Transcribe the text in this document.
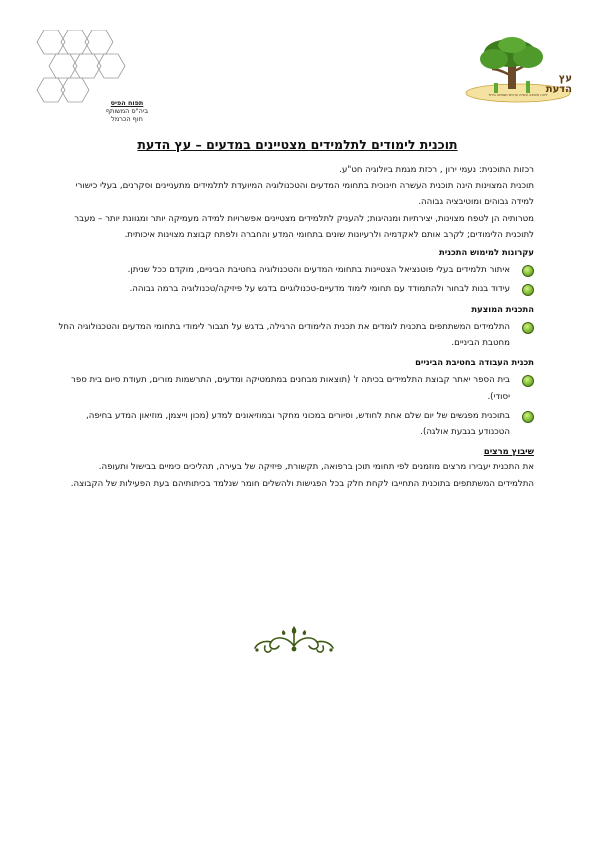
תפוח הפיס
ביה"ס המשותף
חוף הכרמל
עץ הדעת
ליבה חשיבה עשייה ערכים ושמחה ביחד
תוכנית לימודים לתלמידים מצטיינים במדעים – עץ הדעת

רכזות התוכנית: נעמי ירון , רכזת מגמת ביולוגיה חט"ע.

תוכנית המצוינות הינה תוכנית העשרה חינוכית בתחומי המדעים והטכנולוגיה המיועדת לתלמידים מתעניינים וסקרנים, בעלי כישורי למידה גבוהים ומוטיבציה גבוהה.

מטרותיה הן לטפח מצוינות, יצירתיות ומנהיגות; להעניק לתלמידים מצטיינים אפשרויות למידה מעמיקה יותר ומגוונת יותר – מעבר לתוכנית הלימודים; לקרב אותם לאקדמיה ולרעיונות שונים בתחומי המדע והחברה ולפתח קבוצת מצוינות איכותית.

עקרונות למימוש התכנית
איתור תלמידים בעלי פוטנציאל הצטיינות בתחומי המדעים והטכנולוגיה בחטיבת הביניים, מוקדם ככל שניתן.
עידוד בנות לבחור ולהתמודד עם תחומי לימוד מדעיים-טכנולוגיים בדגש על פיזיקה/טכנולוגיה ברמה גבוהה.
התכנית המוצעת
התלמידים המשתתפים בתכנית לומדים את תכנית הלימודים הרגילה, בדגש על תגבור לימודי בתחומי המדעים והטכנולוגיה החל מחטבת הביניים.
תכנית העבודה בחטיבת הביניים
בית הספר יאתר קבוצת התלמידים בכיתה ז' (תוצאות מבחנים במתמטיקה ומדעים, התרשמות מורים, תעודת סיום בית ספר יסודי).
בתוכנית מפגשים של יום שלם אחת לחודש, וסיורים במכוני מחקר ובמוזיאונים למדע (מכון וייצמן, מוזיאון המדע בחיפה, הטכנודע בגבעת אולגה).
שיבוץ מרצים

את התכנית יעבירו מרצים מוזמנים לפי תחומי תוכן ברפואה, תקשורת, פיזיקה של בעירה, תהליכים כימיים בבישול ותעופה.

התלמידים המשתתפים בתוכנית התחייבו לקחת חלק בכל הפגישות ולהשלים חומר שנלמד בכיתותיהם בעת הפעילות של הקבוצה.
